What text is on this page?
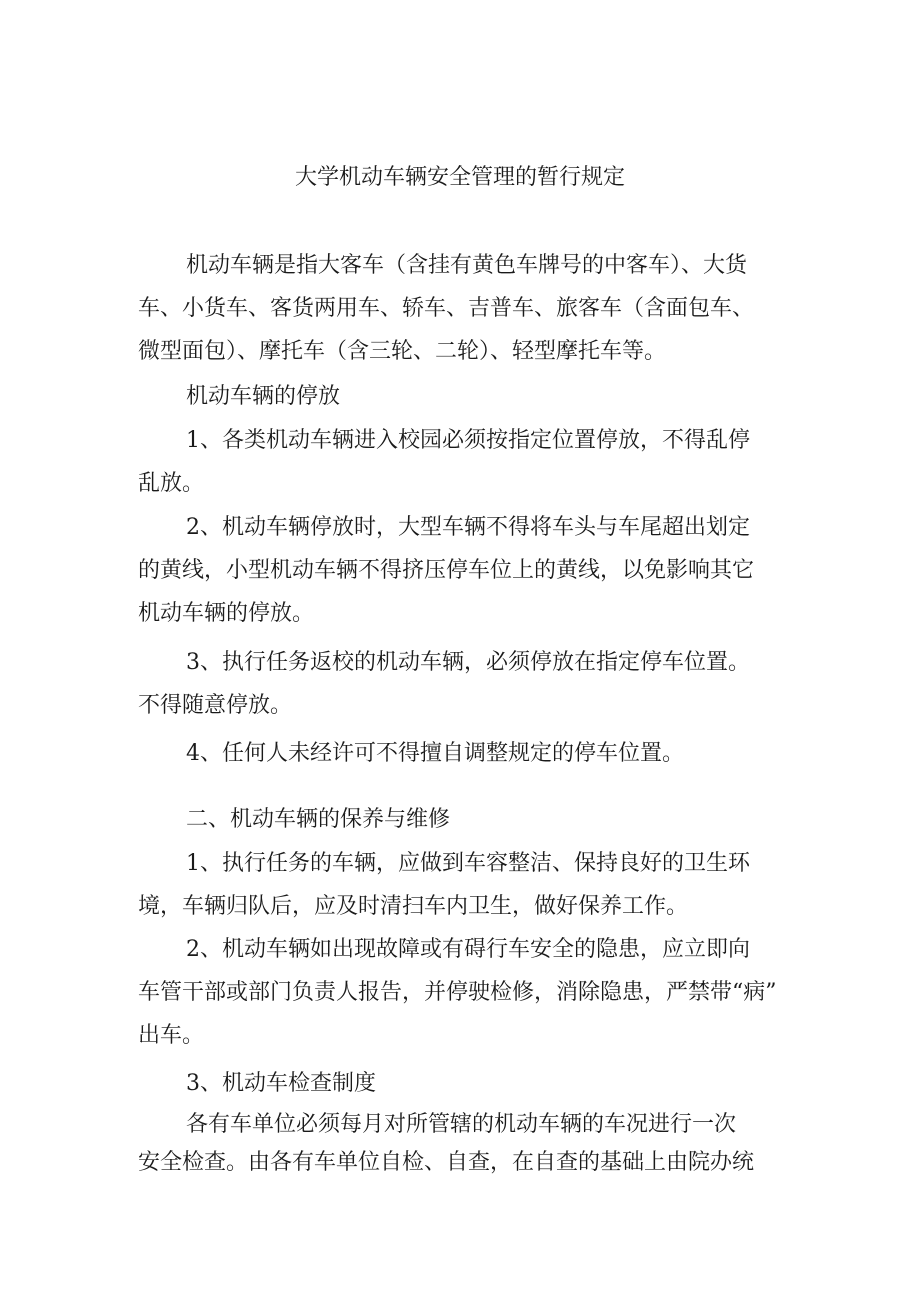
大学机动车辆安全管理的暂行规定
机动车辆是指大客车（含挂有黄色车牌号的中客车）、大货
车、小货车、客货两用车、轿车、吉普车、旅客车（含面包车、
微型面包）、摩托车（含三轮、二轮）、轻型摩托车等。
机动车辆的停放
1、各类机动车辆进入校园必须按指定位置停放，不得乱停
乱放。
2、机动车辆停放时，大型车辆不得将车头与车尾超出划定
的黄线，小型机动车辆不得挤压停车位上的黄线，以免影响其它
机动车辆的停放。
3、执行任务返校的机动车辆，必须停放在指定停车位置。
不得随意停放。
4、任何人未经许可不得擅自调整规定的停车位置。
二、机动车辆的保养与维修
1、执行任务的车辆，应做到车容整洁、保持良好的卫生环
境，车辆归队后，应及时清扫车内卫生，做好保养工作。
2、机动车辆如出现故障或有碍行车安全的隐患，应立即向
车管干部或部门负责人报告，并停驶检修，消除隐患，严禁带“病”
出车。
3、机动车检查制度
各有车单位必须每月对所管辖的机动车辆的车况进行一次
安全检查。由各有车单位自检、自查，在自查的基础上由院办统
